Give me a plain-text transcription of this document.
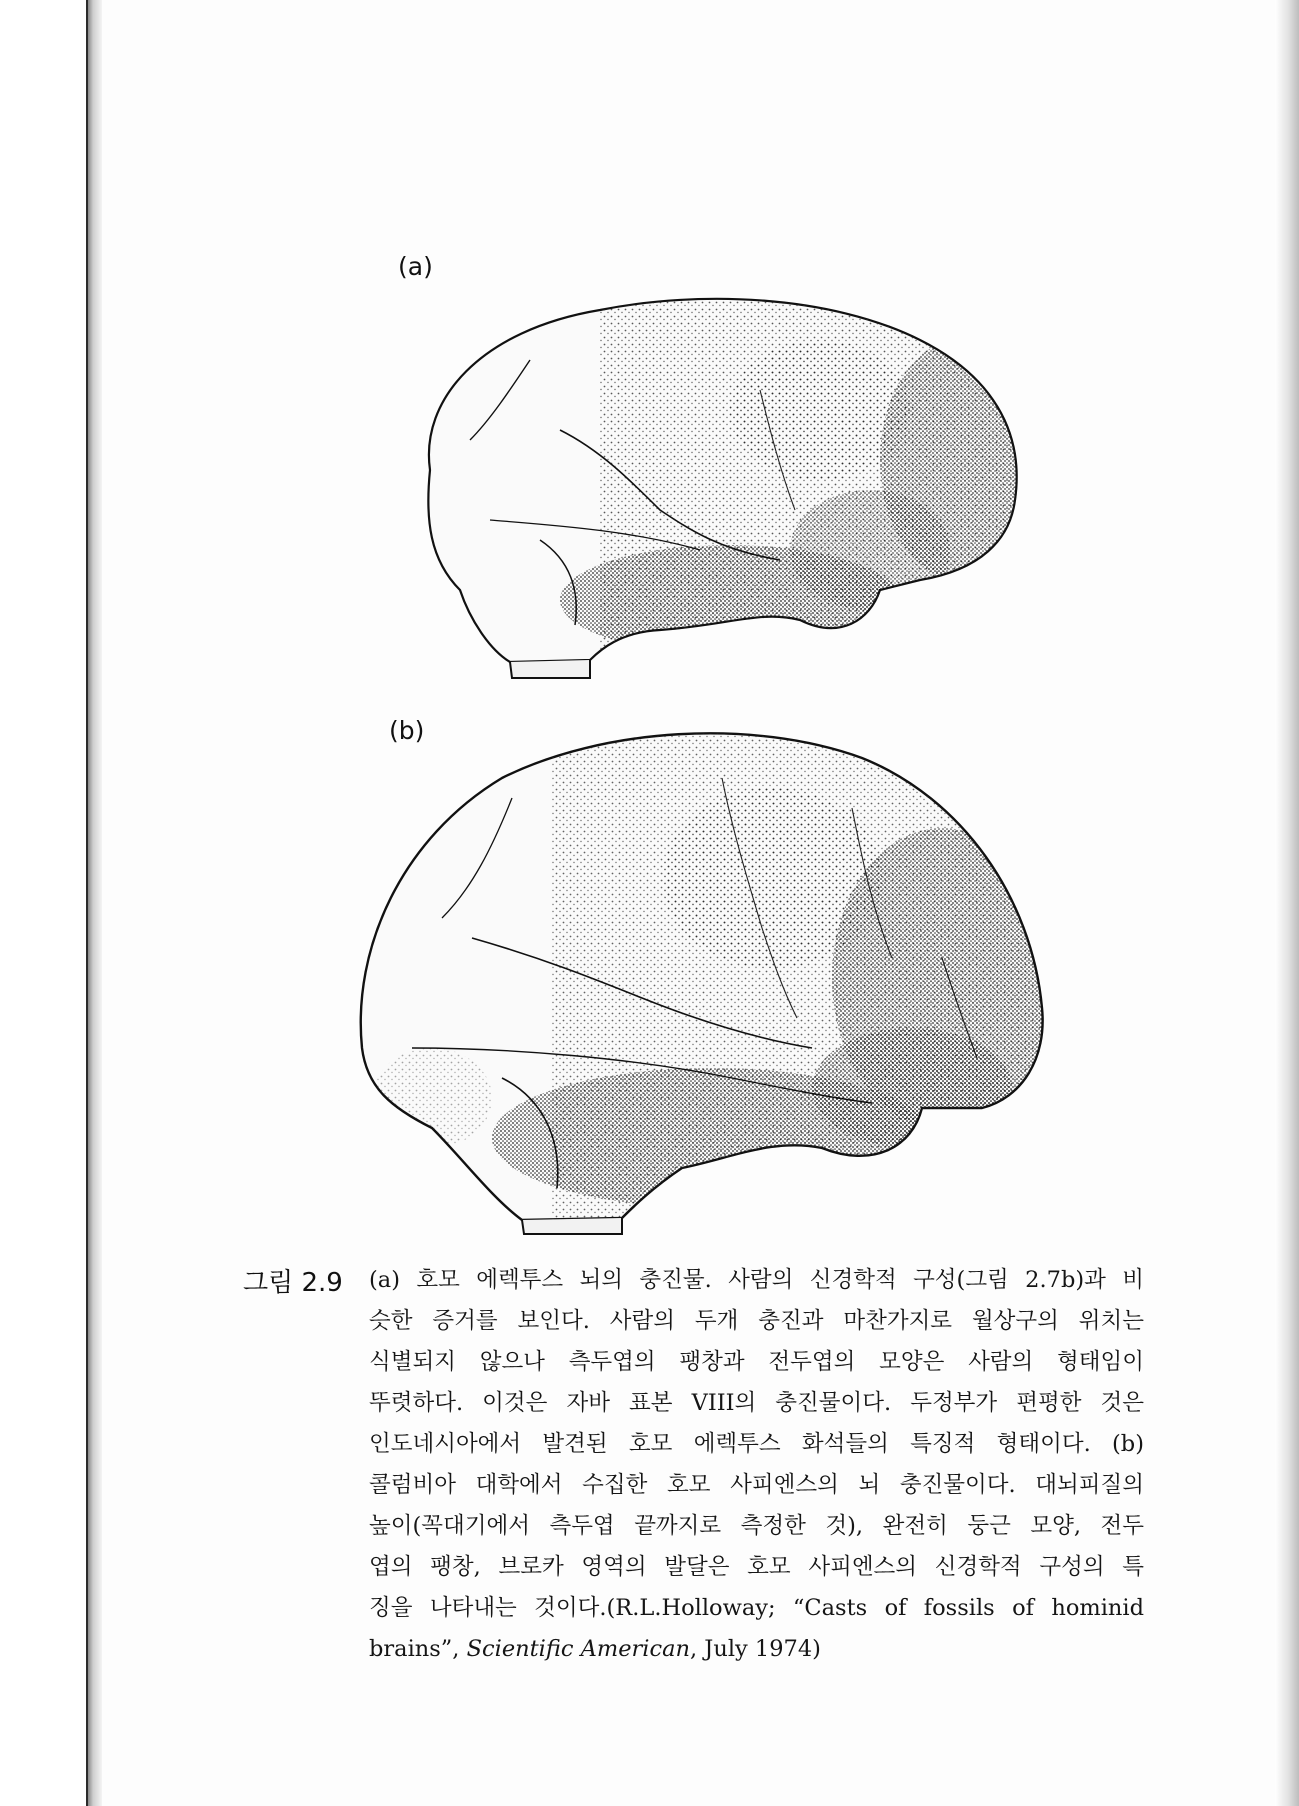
(a)
(b)
그림 2.9 (a) 호모 에렉투스 뇌의 충진물. 사람의 신경학적 구성(그림 2.7b)과 비
슷한 증거를 보인다. 사람의 두개 충진과 마찬가지로 월상구의 위치는
식별되지 않으나 측두엽의 팽창과 전두엽의 모양은 사람의 형태임이
뚜렷하다. 이것은 자바 표본 VIII의 충진물이다. 두정부가 편평한 것은
인도네시아에서 발견된 호모 에렉투스 화석들의 특징적 형태이다. (b)
콜럼비아 대학에서 수집한 호모 사피엔스의 뇌 충진물이다. 대뇌피질의
높이(꼭대기에서 측두엽 끝까지로 측정한 것), 완전히 둥근 모양, 전두
엽의 팽창, 브로카 영역의 발달은 호모 사피엔스의 신경학적 구성의 특
징을 나타내는 것이다.(R.L.Holloway; “Casts of fossils of hominid
brains”, Scientific American, July 1974)
